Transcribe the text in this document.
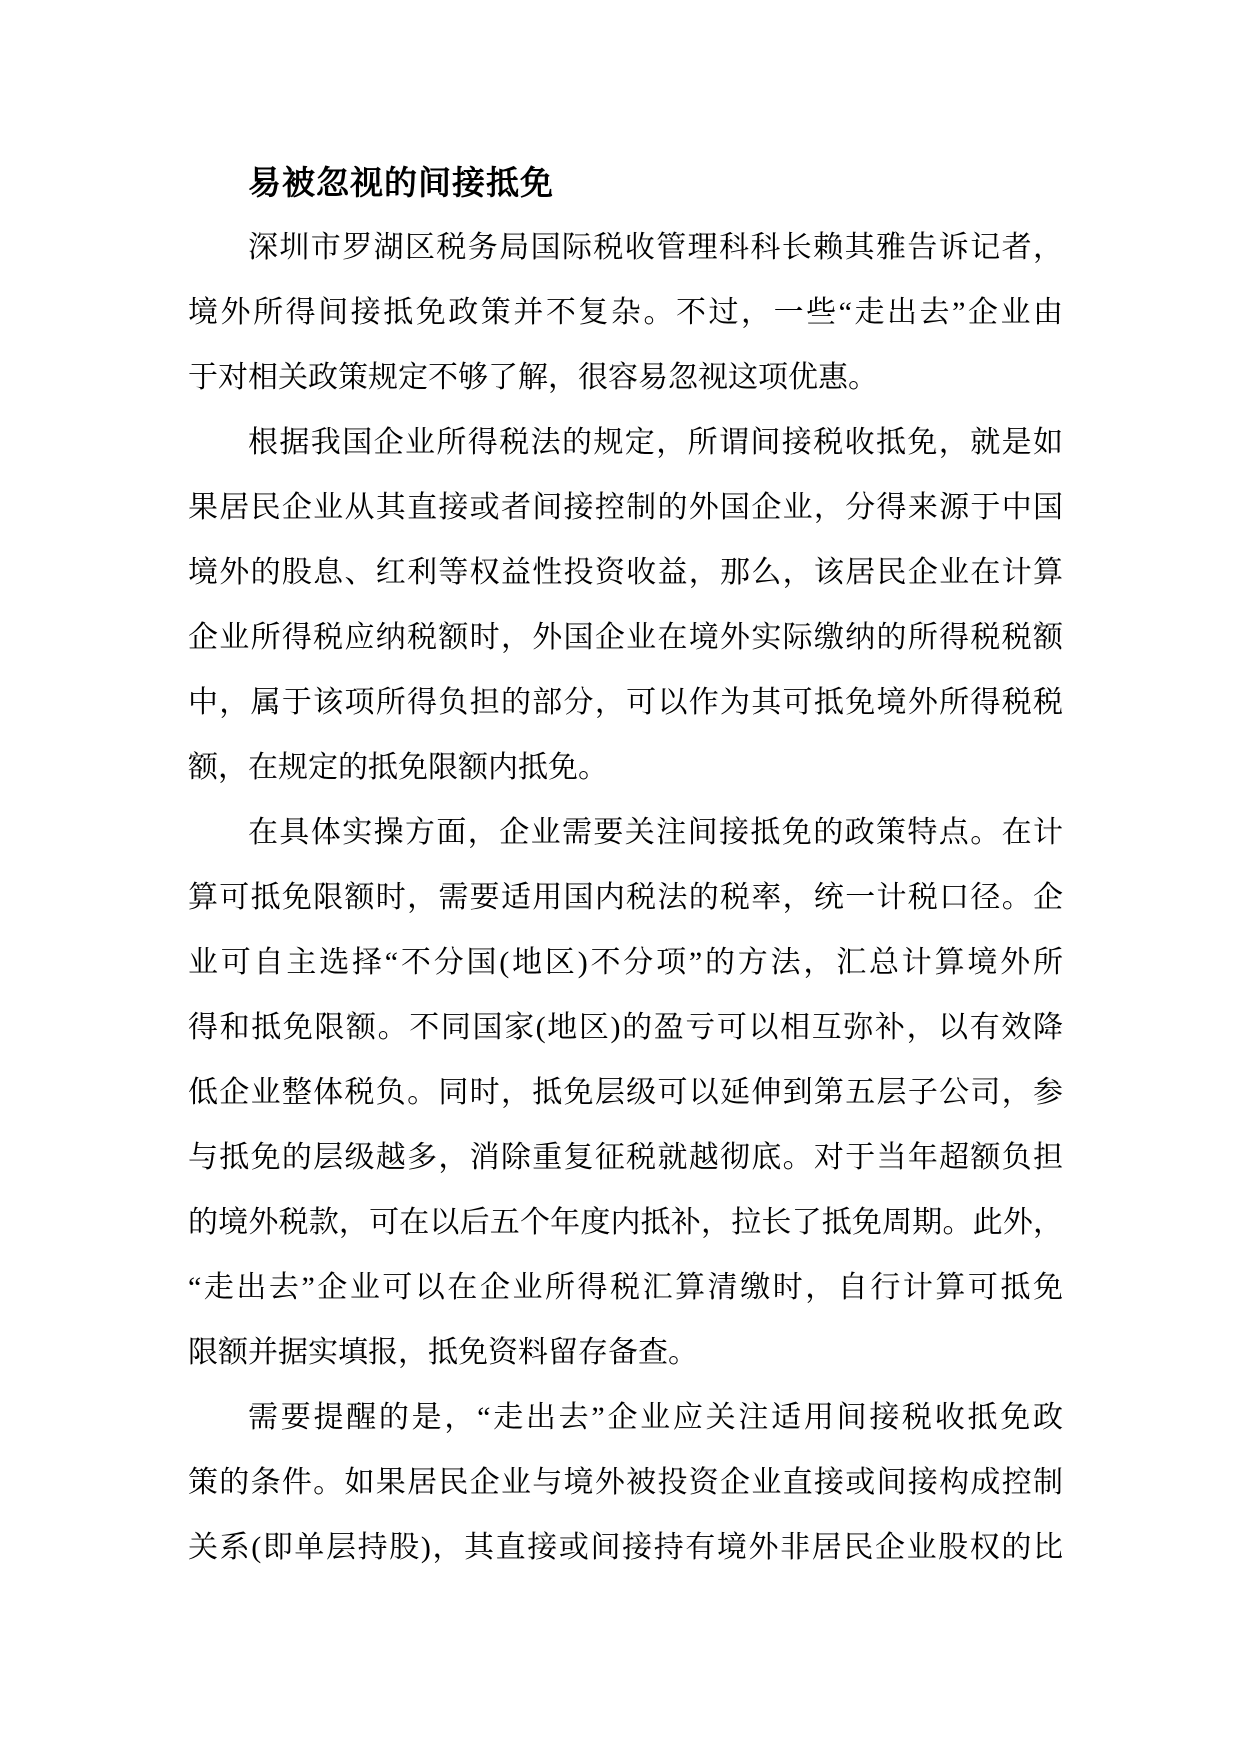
易被忽视的间接抵免

深圳市罗湖区税务局国际税收管理科科长赖其雅告诉记者，

境外所得间接抵免政策并不复杂。不过，一些“走出去”企业由

于对相关政策规定不够了解，很容易忽视这项优惠。

根据我国企业所得税法的规定，所谓间接税收抵免，就是如

果居民企业从其直接或者间接控制的外国企业，分得来源于中国

境外的股息、红利等权益性投资收益，那么，该居民企业在计算

企业所得税应纳税额时，外国企业在境外实际缴纳的所得税税额

中，属于该项所得负担的部分，可以作为其可抵免境外所得税税

额，在规定的抵免限额内抵免。

在具体实操方面，企业需要关注间接抵免的政策特点。在计

算可抵免限额时，需要适用国内税法的税率，统一计税口径。企

业可自主选择“不分国(地区)不分项”的方法，汇总计算境外所

得和抵免限额。不同国家(地区)的盈亏可以相互弥补，以有效降

低企业整体税负。同时，抵免层级可以延伸到第五层子公司，参

与抵免的层级越多，消除重复征税就越彻底。对于当年超额负担

的境外税款，可在以后五个年度内抵补，拉长了抵免周期。此外，

“走出去”企业可以在企业所得税汇算清缴时，自行计算可抵免

限额并据实填报，抵免资料留存备查。

需要提醒的是，“走出去”企业应关注适用间接税收抵免政

策的条件。如果居民企业与境外被投资企业直接或间接构成控制

关系(即单层持股)，其直接或间接持有境外非居民企业股权的比
